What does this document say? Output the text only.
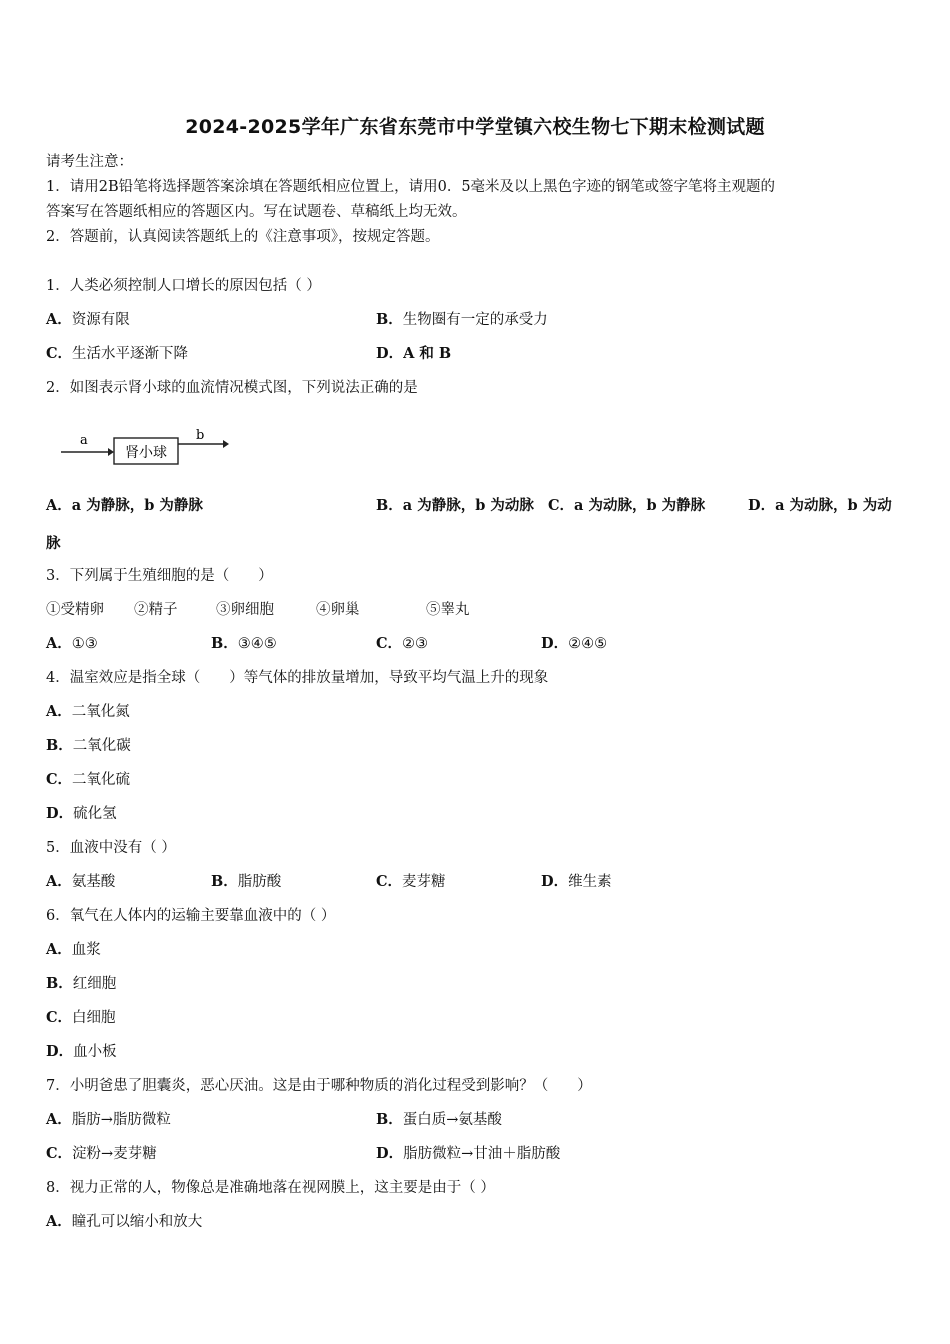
2024-2025学年广东省东莞市中学堂镇六校生物七下期末检测试题
请考生注意：
1．请用2B铅笔将选择题答案涂填在答题纸相应位置上，请用0．5毫米及以上黑色字迹的钢笔或签字笔将主观题的
答案写在答题纸相应的答题区内。写在试题卷、草稿纸上均无效。
2．答题前，认真阅读答题纸上的《注意事项》，按规定答题。
1．人类必须控制人口增长的原因包括（ ）
A．资源有限	B．生物圈有一定的承受力
C．生活水平逐渐下降	D．A 和 B
2．如图表示肾小球的血流情况模式图，下列说法正确的是
a
肾小球
b
A．a 为静脉，b 为静脉	B．a 为静脉，b 为动脉 C．a 为动脉，b 为静脉	D．a 为动脉，b 为动
脉
3．下列属于生殖细胞的是（　　）
①受精卵 ②精子	③卵细胞	④卵巢	⑤睾丸
A．①③	B．③④⑤	C．②③	D．②④⑤
4．温室效应是指全球（　　）等气体的排放量增加，导致平均气温上升的现象
A．二氧化氮
B．二氧化碳
C．二氧化硫
D．硫化氢
5．血液中没有（ ）
A．氨基酸	B．脂肪酸	C．麦芽糖	D．维生素
6．氧气在人体内的运输主要靠血液中的（ ）
A．血浆
B．红细胞
C．白细胞
D．血小板
7．小明爸患了胆囊炎，恶心厌油。这是由于哪种物质的消化过程受到影响？（　　）
A．脂肪→脂肪微粒	B．蛋白质→氨基酸
C．淀粉→麦芽糖	D．脂肪微粒→甘油＋脂肪酸
8．视力正常的人，物像总是准确地落在视网膜上，这主要是由于（ ）
A．瞳孔可以缩小和放大
